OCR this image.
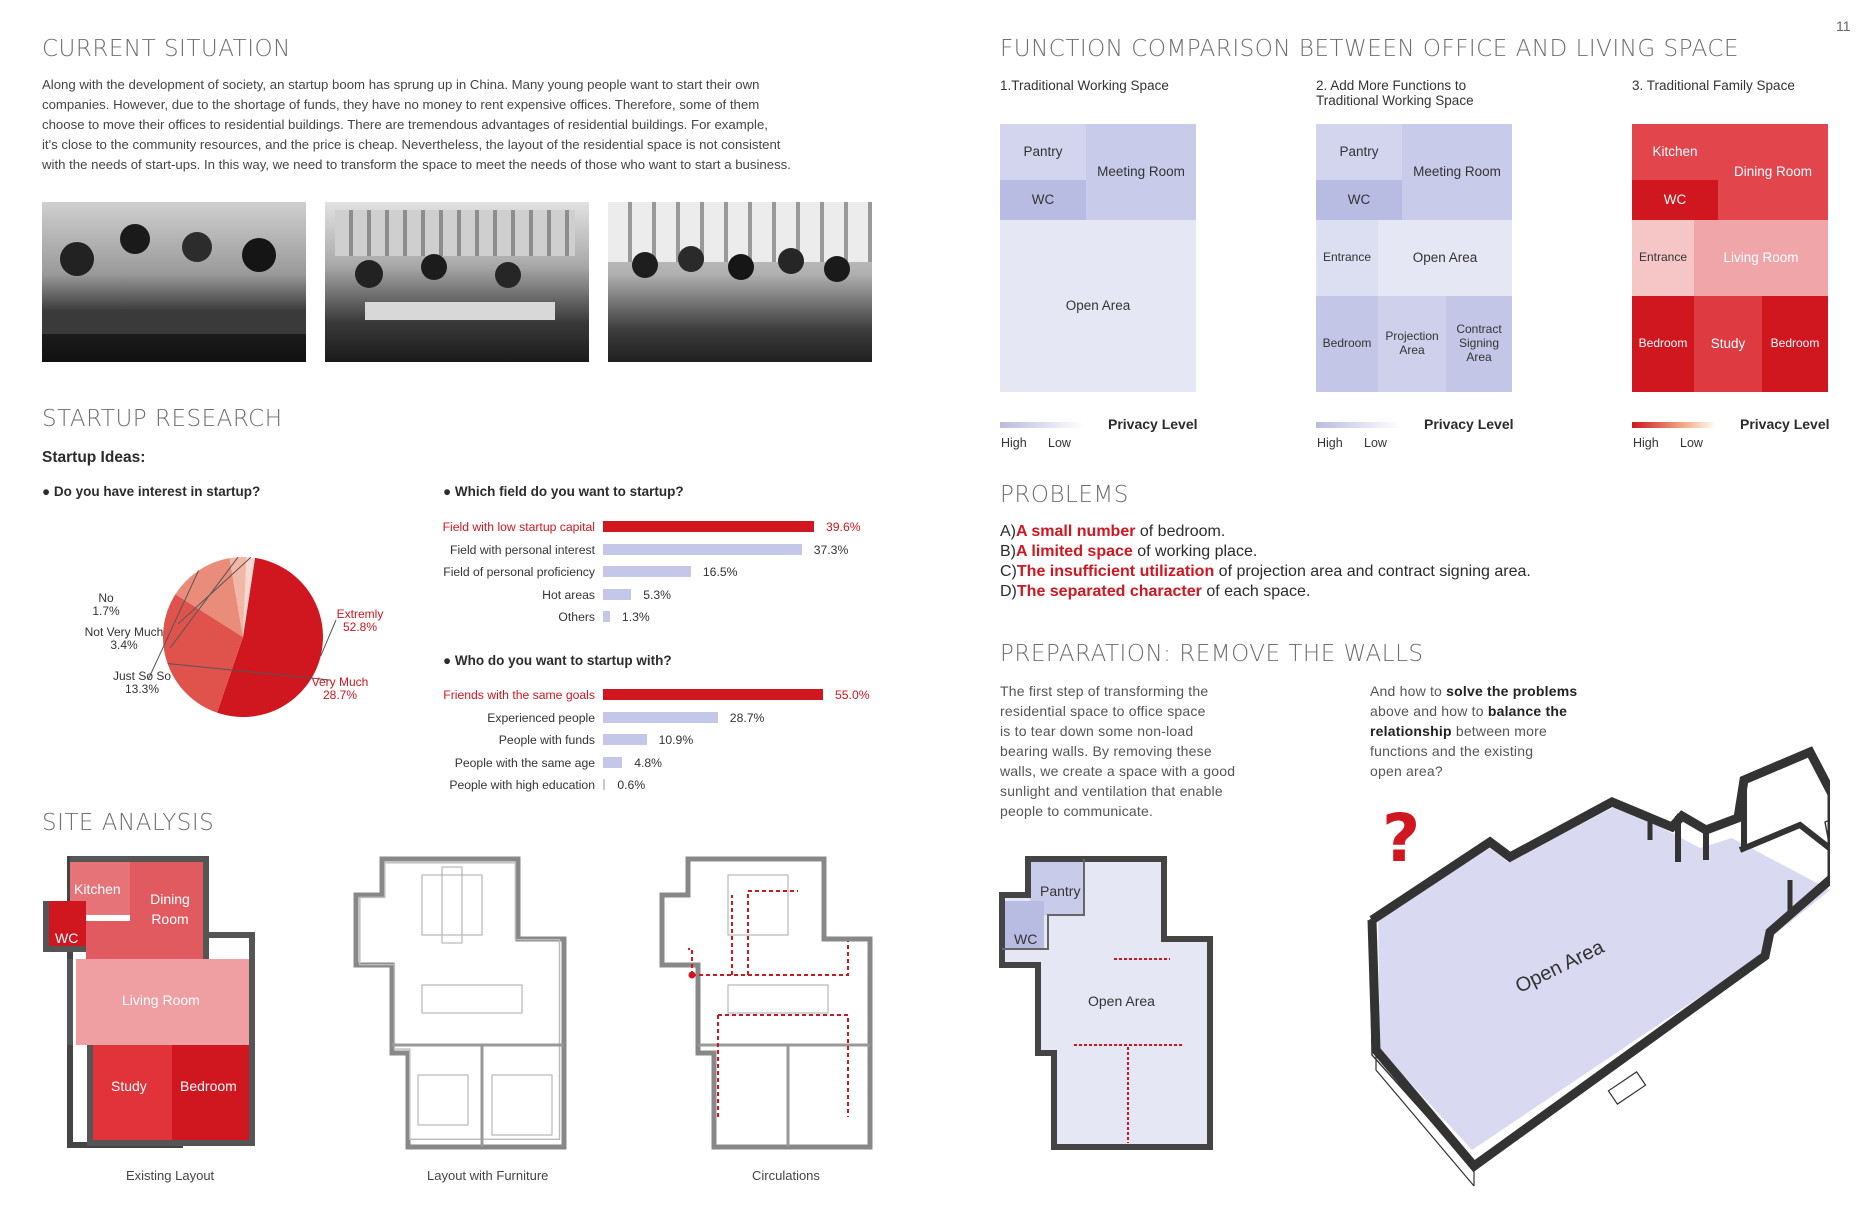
11
CURRENT SITUATION
Along with the development of society, an startup boom has sprung up in China. Many young people want to start their own
companies. However, due to the shortage of funds, they have no money to rent expensive offices. Therefore, some of them
choose to move their offices to residential buildings. There are tremendous advantages of residential buildings. For example,
it's close to the community resources, and the price is cheap. Nevertheless, the layout of the residential space is not consistent
with the needs of start-ups. In this way, we need to transform the space to meet the needs of those who want to start a business.
STARTUP RESEARCH
Startup Ideas:
● Do you have interest in startup?	● Which field do you want to startup?
● Who do you want to startup with?
Extremly
52.8%
Very Much
28.7%
Just So So
13.3%
Not Very Much
3.4%
No
1.7%
Field with low startup capital	39.6%
Field with personal interest	37.3%
Field of personal proficiency	16.5%
Hot areas	5.3%
Others 1.3%
Friends with the same goals	55.0%
Experienced people	28.7%
People with funds	10.9%
People with the same age	4.8%
People with high education 0.6%
SITE ANALYSIS
Kitchen
Dining Room
WC
Living Room
Study Bedroom
Existing Layout	Layout with Furniture	Circulations
FUNCTION COMPARISON BETWEEN OFFICE AND LIVING SPACE
1.Traditional Working Space	2. Add More Functions to
Traditional Working Space
3. Traditional Family Space
Pantry
WC
Meeting Room
Open Area
Pantry
WC
Meeting Room
Entrance	Open Area
Bedroom	Projection Area
Contract Signing Area
Kitchen
WC
Dining Room
Entrance	Living Room
Bedroom	Study	Bedroom
Privacy Level
High Low
Privacy Level
High Low
Privacy Level
High Low
PROBLEMS
A)A small number of bedroom.
B)A limited space of working place.
C)The insufficient utilization of projection area and contract signing area.
D)The separated character of each space.
PREPARATION: REMOVE THE WALLS
The first step of transforming the
residential space to office space
is to tear down some non-load
bearing walls. By removing these
walls, we create a space with a good
sunlight and ventilation that enable
people to communicate.
And how to solve the problems
above and how to balance the
relationship between more
functions and the existing
open area?
Pantry
WC
Open Area
?
Open Area
